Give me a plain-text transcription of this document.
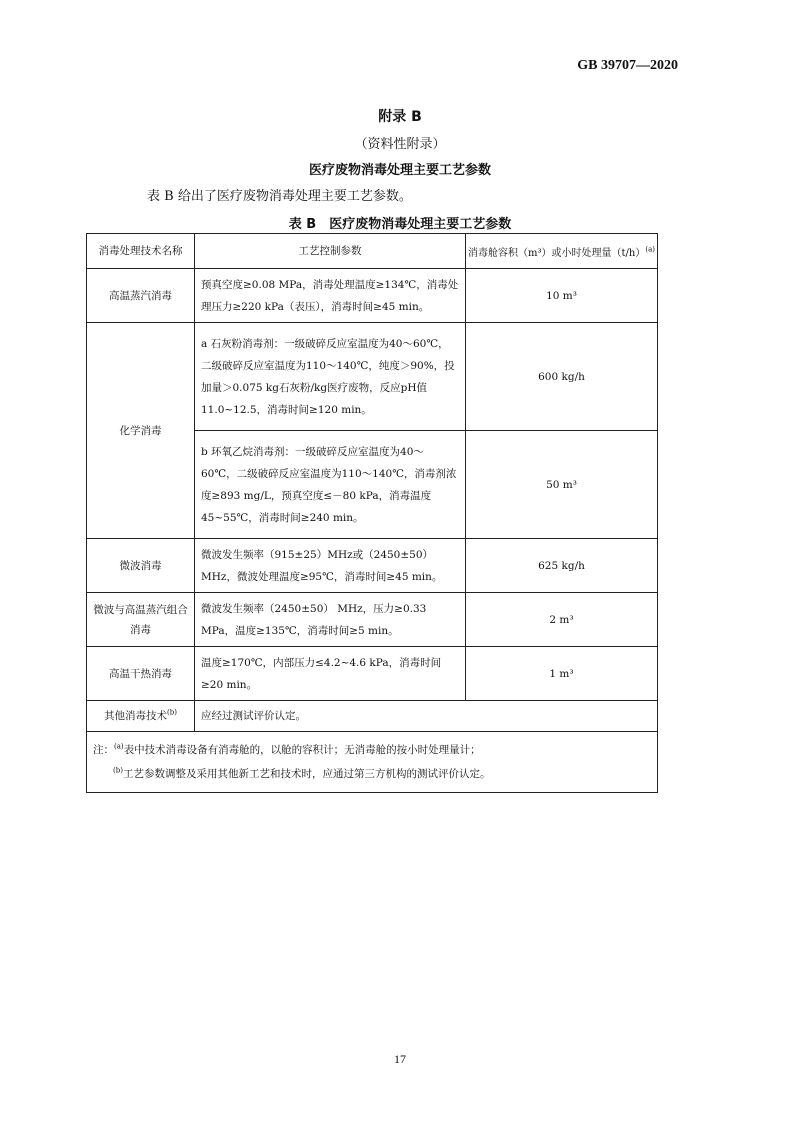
GB 39707—2020
附录 B
（资料性附录）
医疗废物消毒处理主要工艺参数
表 B 给出了医疗废物消毒处理主要工艺参数。
表 B　医疗废物消毒处理主要工艺参数
消毒处理技术名称	工艺控制参数	消毒舱容积（m³）或小时处理量$(t/h)^{(a)}$
高温蒸汽消毒	预真空度≥0.08 MPa，消毒处理温度≥134℃，消毒处理压力≥220 kPa（表压），消毒时间≥45 min。	10 m³
化学消毒	a 石灰粉消毒剂：一级破碎反应室温度为40～60℃，二级破碎反应室温度为110～140℃，纯度＞90%，投加量＞0.075 kg石灰粉/kg医疗废物，反应pH值11.0~12.5，消毒时间≥120 min。	600 kg/h
	b 环氧乙烷消毒剂：一级破碎反应室温度为40～60℃，二级破碎反应室温度为110～140℃，消毒剂浓度≥893 mg/L，预真空度≤－80 kPa，消毒温度45~55℃，消毒时间≥240 min。	50 m³
微波消毒	微波发生频率（915±25）MHz或（2450±50）MHz，微波处理温度≥95℃，消毒时间≥45 min。	625 kg/h
微波与高温蒸汽组合消毒	微波发生频率（2450±50） MHz，压力≥0.33 MPa，温度≥135℃，消毒时间≥5 min。	2 m³
高温干热消毒	温度≥170℃，内部压力≤4.2~4.6 kPa，消毒时间≥20 min。	1 m³
其他消毒技术$^{(b)}$	应经过测试评价认定。	

注：$^{(a)}$表中技术消毒设备有消毒舱的，以舱的容积计；无消毒舱的按小时处理量计；
$^{(b)}$工艺参数调整及采用其他新工艺和技术时，应通过第三方机构的测试评价认定。		
17
